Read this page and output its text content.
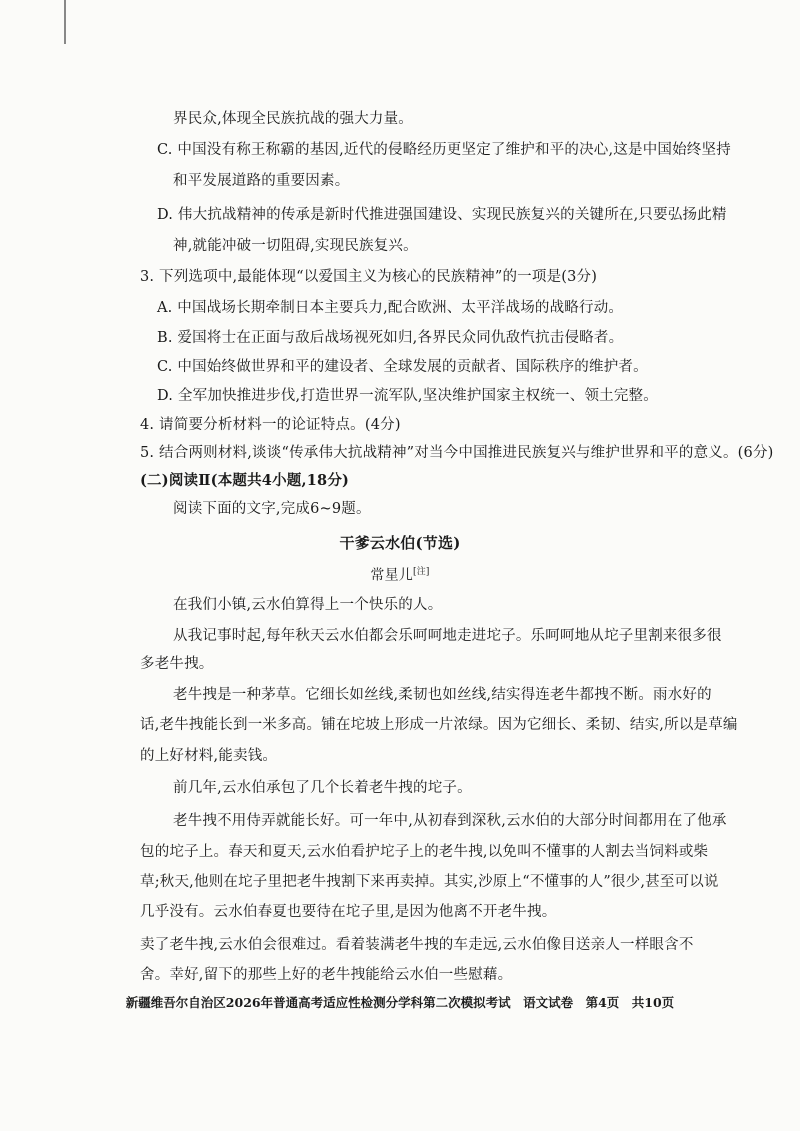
界民众,体现全民族抗战的强大力量。
C. 中国没有称王称霸的基因,近代的侵略经历更坚定了维护和平的决心,这是中国始终坚持
和平发展道路的重要因素。
D. 伟大抗战精神的传承是新时代推进强国建设、实现民族复兴的关键所在,只要弘扬此精
神,就能冲破一切阻碍,实现民族复兴。
3. 下列选项中,最能体现“以爱国主义为核心的民族精神”的一项是(3分)
A. 中国战场长期牵制日本主要兵力,配合欧洲、太平洋战场的战略行动。
B. 爱国将士在正面与敌后战场视死如归,各界民众同仇敌忾抗击侵略者。
C. 中国始终做世界和平的建设者、全球发展的贡献者、国际秩序的维护者。
D. 全军加快推进步伐,打造世界一流军队,坚决维护国家主权统一、领土完整。
4. 请简要分析材料一的论证特点。(4分)
5. 结合两则材料,谈谈“传承伟大抗战精神”对当今中国推进民族复兴与维护世界和平的意义。(6分)
(二)阅读Ⅱ(本题共4小题,18分)
阅读下面的文字,完成6~9题。
干爹云水伯(节选)
常星儿[注]
在我们小镇,云水伯算得上一个快乐的人。
从我记事时起,每年秋天云水伯都会乐呵呵地走进坨子。乐呵呵地从坨子里割来很多很
多老牛拽。
老牛拽是一种茅草。它细长如丝线,柔韧也如丝线,结实得连老牛都拽不断。雨水好的
话,老牛拽能长到一米多高。铺在坨坡上形成一片浓绿。因为它细长、柔韧、结实,所以是草编
的上好材料,能卖钱。
前几年,云水伯承包了几个长着老牛拽的坨子。
老牛拽不用侍弄就能长好。可一年中,从初春到深秋,云水伯的大部分时间都用在了他承
包的坨子上。春天和夏天,云水伯看护坨子上的老牛拽,以免叫不懂事的人割去当饲料或柴
草;秋天,他则在坨子里把老牛拽割下来再卖掉。其实,沙原上“不懂事的人”很少,甚至可以说
几乎没有。云水伯春夏也要待在坨子里,是因为他离不开老牛拽。
卖了老牛拽,云水伯会很难过。看着装满老牛拽的车走远,云水伯像目送亲人一样眼含不
舍。幸好,留下的那些上好的老牛拽能给云水伯一些慰藉。
新疆维吾尔自治区2026年普通高考适应性检测分学科第二次模拟考试　语文试卷　第4页　共10页
